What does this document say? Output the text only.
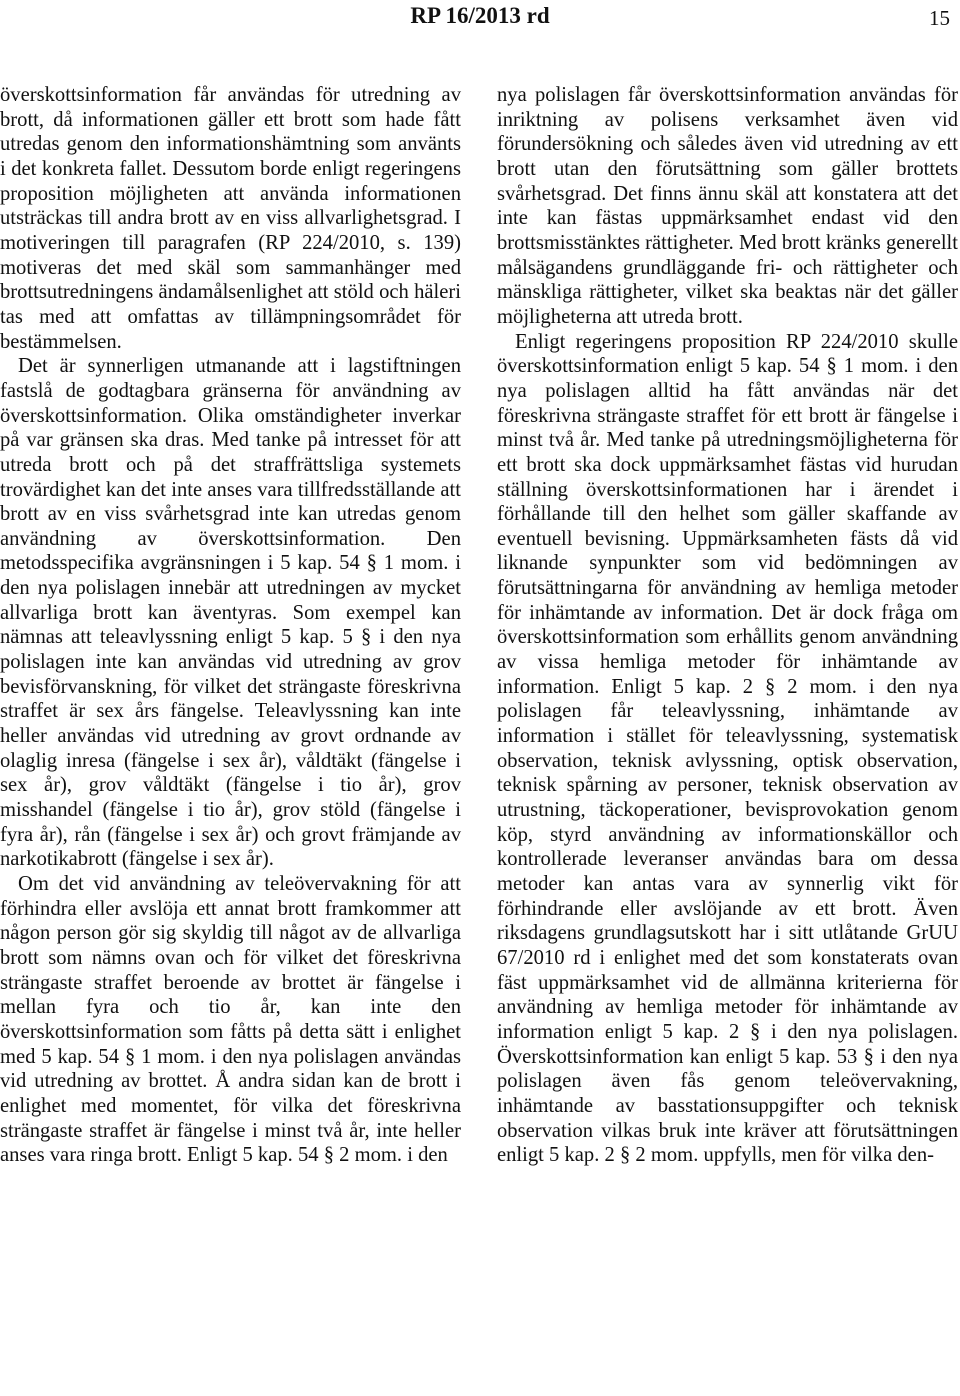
RP 16/2013 rd	15

överskottsinformation får användas för utredning av brott, då informationen gäller ett brott som hade fått utredas genom den informationshämtning som använts i det konkreta fallet. Dessutom borde enligt regeringens proposition möjligheten att använda informationen utsträckas till andra brott av en viss allvarlighetsgrad. I motiveringen till paragrafen (RP 224/2010, s. 139) motiveras det med skäl som sammanhänger med brottsutredningens ändamålsenlighet att stöld och häleri tas med att omfattas av tillämpningsområdet för bestämmelsen.

Det är synnerligen utmanande att i lagstiftningen fastslå de godtagbara gränserna för användning av överskottsinformation. Olika omständigheter inverkar på var gränsen ska dras. Med tanke på intresset för att utreda brott och på det straffrättsliga systemets trovärdighet kan det inte anses vara tillfredsställande att brott av en viss svårhetsgrad inte kan utredas genom användning av överskottsinformation. Den metodsspecifika avgränsningen i 5 kap. 54 § 1 mom. i den nya polislagen innebär att utredningen av mycket allvarliga brott kan äventyras. Som exempel kan nämnas att teleavlyssning enligt 5 kap. 5 § i den nya polislagen inte kan användas vid utredning av grov bevisförvanskning, för vilket det strängaste föreskrivna straffet är sex års fängelse. Teleavlyssning kan inte heller användas vid utredning av grovt ordnande av olaglig inresa (fängelse i sex år), våldtäkt (fängelse i sex år), grov våldtäkt (fängelse i tio år), grov misshandel (fängelse i tio år), grov stöld (fängelse i fyra år), rån (fängelse i sex år) och grovt främjande av narkotikabrott (fängelse i sex år).

Om det vid användning av teleövervakning för att förhindra eller avslöja ett annat brott framkommer att någon person gör sig skyldig till något av de allvarliga brott som nämns ovan och för vilket det föreskrivna strängaste straffet beroende av brottet är fängelse i mellan fyra och tio år, kan inte den överskottsinformation som fåtts på detta sätt i enlighet med 5 kap. 54 § 1 mom. i den nya polislagen användas vid utredning av brottet. Å andra sidan kan de brott i enlighet med momentet, för vilka det föreskrivna strängaste straffet är fängelse i minst två år, inte heller anses vara ringa brott. Enligt 5 kap. 54 § 2 mom. i den

nya polislagen får överskottsinformation användas för inriktning av polisens verksamhet även vid förundersökning och således även vid utredning av ett brott utan den förutsättning som gäller brottets svårhetsgrad. Det finns ännu skäl att konstatera att det inte kan fästas uppmärksamhet endast vid den brottsmisstänktes rättigheter. Med brott kränks generellt målsägandens grundläggande fri- och rättigheter och mänskliga rättigheter, vilket ska beaktas när det gäller möjligheterna att utreda brott.

Enligt regeringens proposition RP 224/2010 skulle överskottsinformation enligt 5 kap. 54 § 1 mom. i den nya polislagen alltid ha fått användas när det föreskrivna strängaste straffet för ett brott är fängelse i minst två år. Med tanke på utredningsmöjligheterna för ett brott ska dock uppmärksamhet fästas vid hurudan ställning överskottsinformationen har i ärendet i förhållande till den helhet som gäller skaffande av eventuell bevisning. Uppmärksamheten fästs då vid liknande synpunkter som vid bedömningen av förutsättningarna för användning av hemliga metoder för inhämtande av information. Det är dock fråga om överskottsinformation som erhållits genom användning av vissa hemliga metoder för inhämtande av information. Enligt 5 kap. 2 § 2 mom. i den nya polislagen får teleavlyssning, inhämtande av information i stället för teleavlyssning, systematisk observation, teknisk avlyssning, optisk observation, teknisk spårning av personer, teknisk observation av utrustning, täckoperationer, bevisprovokation genom köp, styrd användning av informationskällor och kontrollerade leveranser användas bara om dessa metoder kan antas vara av synnerlig vikt för förhindrande eller avslöjande av ett brott. Även riksdagens grundlagsutskott har i sitt utlåtande GrUU 67/2010 rd i enlighet med det som konstaterats ovan fäst uppmärksamhet vid de allmänna kriterierna för användning av hemliga metoder för inhämtande av information enligt 5 kap. 2 § i den nya polislagen. Överskottsinformation kan enligt 5 kap. 53 § i den nya polislagen även fås genom teleövervakning, inhämtande av basstationsuppgifter och teknisk observation vilkas bruk inte kräver att förutsättningen enligt 5 kap. 2 § 2 mom. uppfylls, men för vilka den-
